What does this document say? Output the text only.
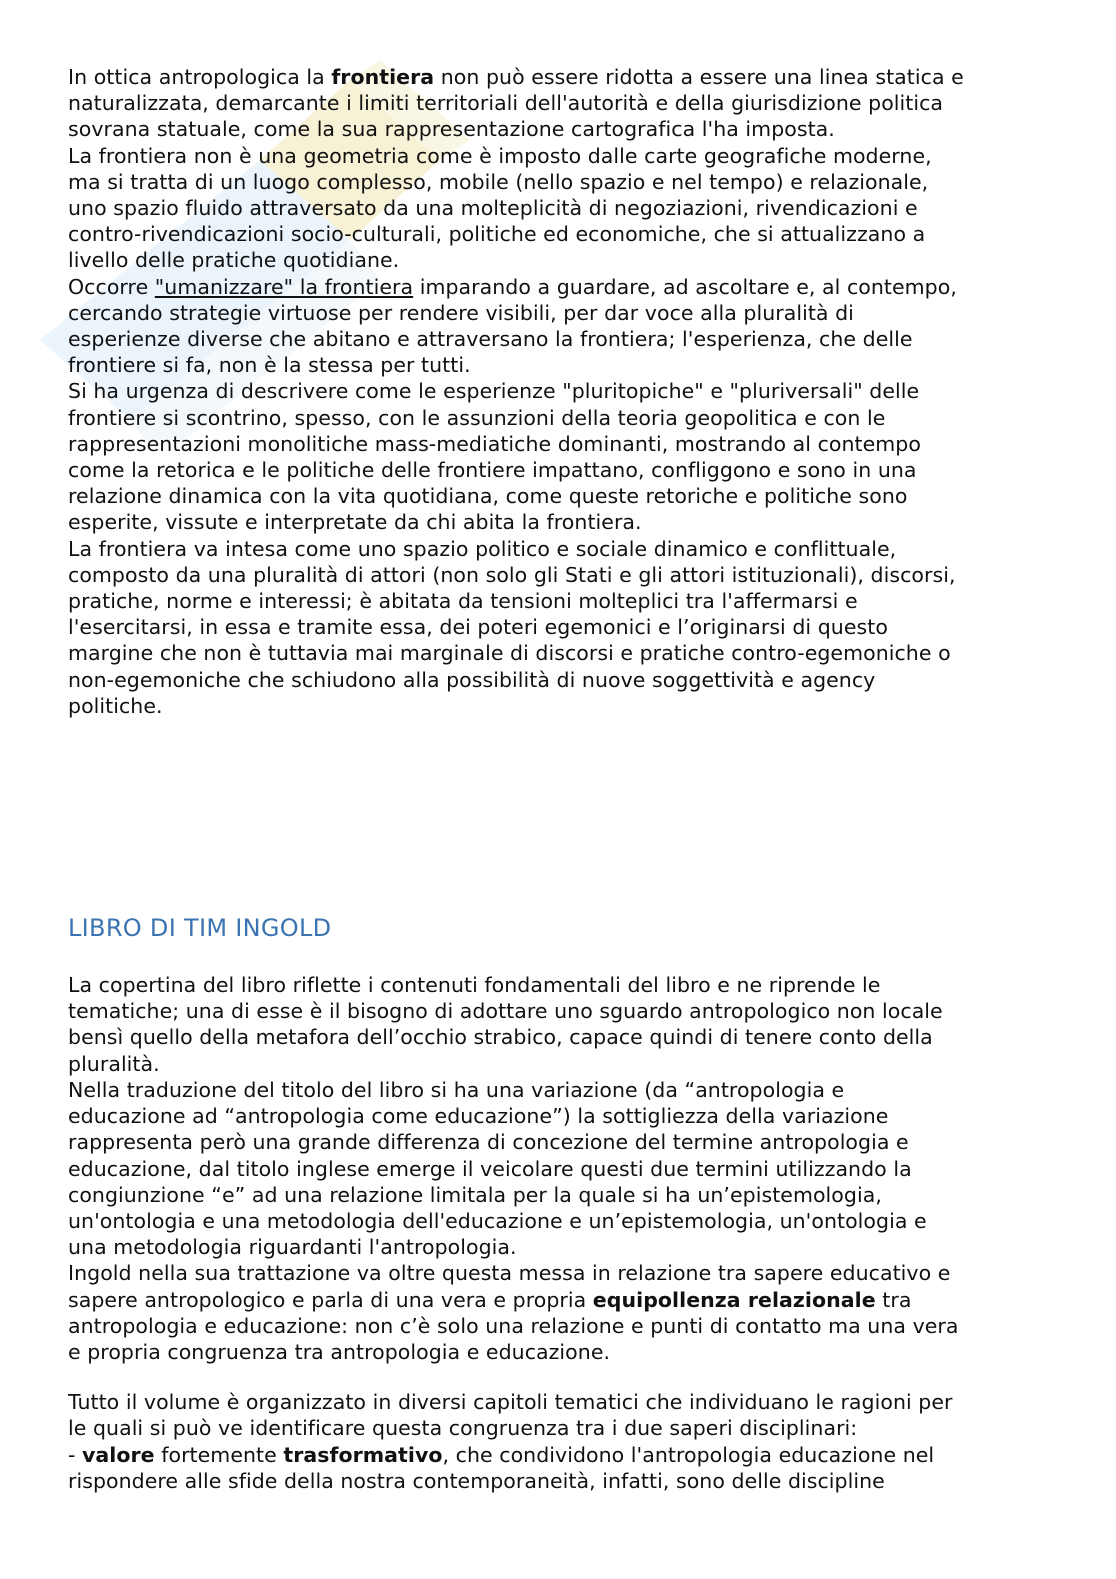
In ottica antropologica la frontiera non può essere ridotta a essere una linea statica e
naturalizzata, demarcante i limiti territoriali dell'autorità e della giurisdizione politica
sovrana statuale, come la sua rappresentazione cartografica l'ha imposta.
La frontiera non è una geometria come è imposto dalle carte geografiche moderne,
ma si tratta di un luogo complesso, mobile (nello spazio e nel tempo) e relazionale,
uno spazio fluido attraversato da una molteplicità di negoziazioni, rivendicazioni e
contro-rivendicazioni socio-culturali, politiche ed economiche, che si attualizzano a
livello delle pratiche quotidiane.
Occorre "umanizzare" la frontiera imparando a guardare, ad ascoltare e, al contempo,
cercando strategie virtuose per rendere visibili, per dar voce alla pluralità di
esperienze diverse che abitano e attraversano la frontiera; l'esperienza, che delle
frontiere si fa, non è la stessa per tutti.
Si ha urgenza di descrivere come le esperienze "pluritopiche" e "pluriversali" delle
frontiere si scontrino, spesso, con le assunzioni della teoria geopolitica e con le
rappresentazioni monolitiche mass-mediatiche dominanti, mostrando al contempo
come la retorica e le politiche delle frontiere impattano, confliggono e sono in una
relazione dinamica con la vita quotidiana, come queste retoriche e politiche sono
esperite, vissute e interpretate da chi abita la frontiera.
La frontiera va intesa come uno spazio politico e sociale dinamico e conflittuale,
composto da una pluralità di attori (non solo gli Stati e gli attori istituzionali), discorsi,
pratiche, norme e interessi; è abitata da tensioni molteplici tra l'affermarsi e
l'esercitarsi, in essa e tramite essa, dei poteri egemonici e l’originarsi di questo
margine che non è tuttavia mai marginale di discorsi e pratiche contro-egemoniche o
non-egemoniche che schiudono alla possibilità di nuove soggettività e agency
politiche.
LIBRO DI TIM INGOLD
La copertina del libro riflette i contenuti fondamentali del libro e ne riprende le
tematiche; una di esse è il bisogno di adottare uno sguardo antropologico non locale
bensì quello della metafora dell’occhio strabico, capace quindi di tenere conto della
pluralità.
Nella traduzione del titolo del libro si ha una variazione (da “antropologia e
educazione ad “antropologia come educazione”) la sottigliezza della variazione
rappresenta però una grande differenza di concezione del termine antropologia e
educazione, dal titolo inglese emerge il veicolare questi due termini utilizzando la
congiunzione “e” ad una relazione limitala per la quale si ha un’epistemologia,
un'ontologia e una metodologia dell'educazione e un’epistemologia, un'ontologia e
una metodologia riguardanti l'antropologia.
Ingold nella sua trattazione va oltre questa messa in relazione tra sapere educativo e
sapere antropologico e parla di una vera e propria equipollenza relazionale tra
antropologia e educazione: non c’è solo una relazione e punti di contatto ma una vera
e propria congruenza tra antropologia e educazione.
Tutto il volume è organizzato in diversi capitoli tematici che individuano le ragioni per
le quali si può ve identificare questa congruenza tra i due saperi disciplinari:
- valore fortemente trasformativo, che condividono l'antropologia educazione nel
rispondere alle sfide della nostra contemporaneità, infatti, sono delle discipline
